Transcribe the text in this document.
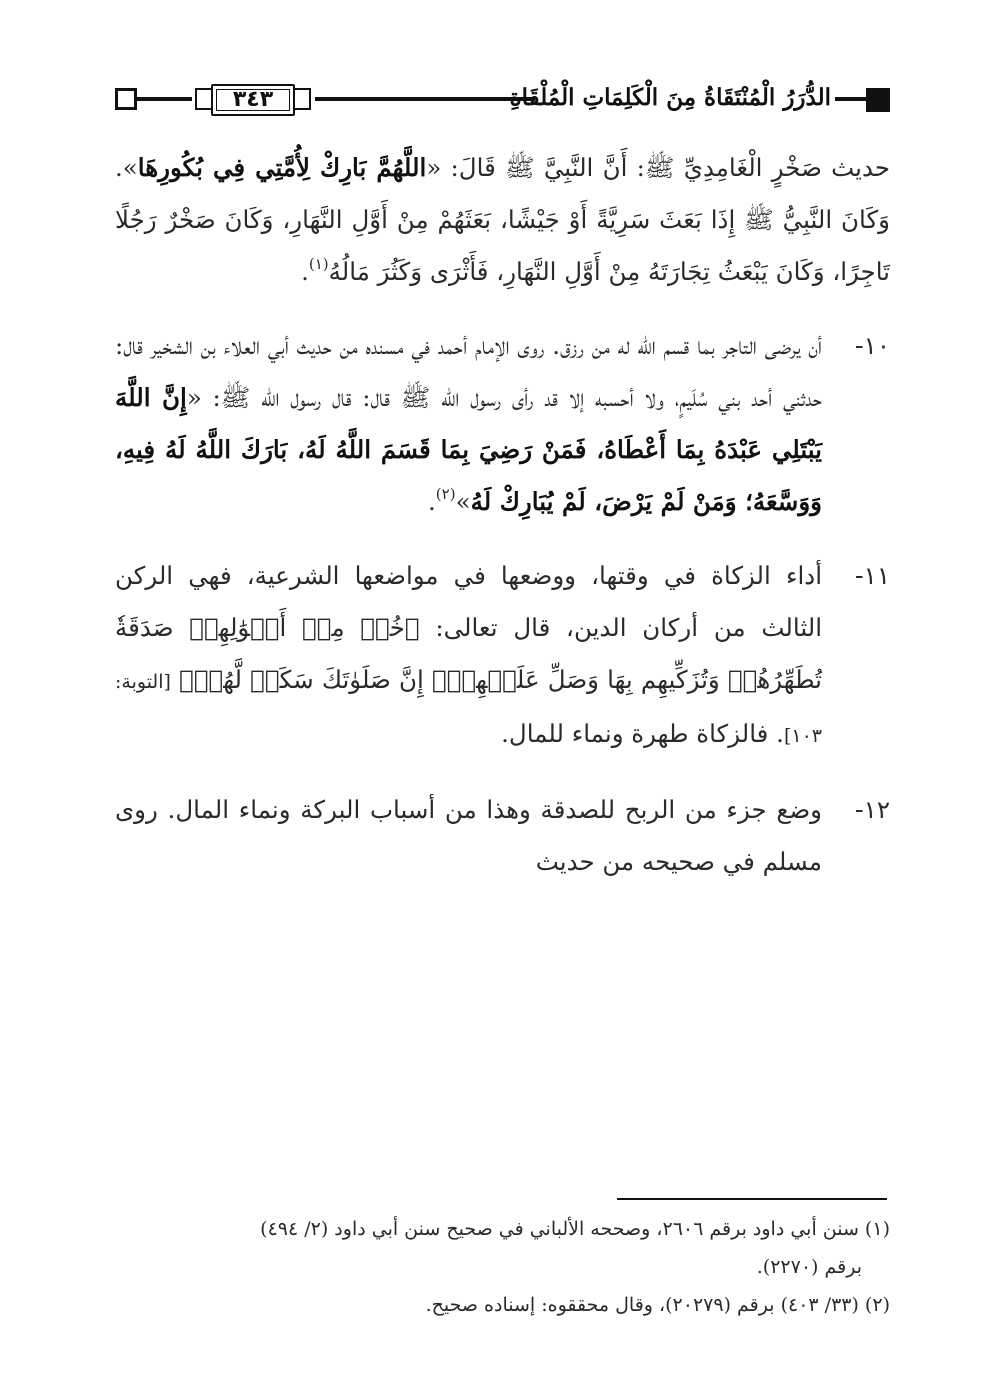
٣٤٣	الدُّرَرُ الْمُنْتَقَاةُ مِنَ الْكَلِمَاتِ الْمُلْقَاةِ

حديث صَخْرٍ الْغَامِدِيِّ ﷺ: أَنَّ النَّبِيَّ ﷺ قَالَ: «اللَّهُمَّ بَارِكْ لِأُمَّتِي فِي بُكُورِهَا». وَكَانَ النَّبِيُّ ﷺ إِذَا بَعَثَ سَرِيَّةً أَوْ جَيْشًا، بَعَثَهُمْ مِنْ أَوَّلِ النَّهَارِ، وَكَانَ صَخْرٌ رَجُلًا تَاجِرًا، وَكَانَ يَبْعَثُ تِجَارَتَهُ مِنْ أَوَّلِ النَّهَارِ، فَأَثْرَى وَكَثُرَ مَالُهُ$^{(١)}$.

١٠-

أن يرضى التاجر بما قسم الله له من رزق. روى الإمام أحمد في مسنده من حديث أبي العلاء بن الشخير قال: حدثني أحد بني سُلَيمٍ، ولا أحسبه إلا قد رأى رسول الله ﷺ قال: قال رسول الله ﷺ: «إِنَّ اللَّهَ يَبْتَلِي عَبْدَهُ بِمَا أَعْطَاهُ، فَمَنْ رَضِيَ بِمَا قَسَمَ اللَّهُ لَهُ، بَارَكَ اللَّهُ لَهُ فِيهِ، وَوَسَّعَهُ؛ وَمَنْ لَمْ يَرْضَ، لَمْ يُبَارِكْ لَهُ»$^{(٢)}$.

١١-

أداء الزكاة في وقتها، ووضعها في مواضعها الشرعية، فهي الركن الثالث من أركان الدين، قال تعالى: ﴿خُذۡ مِنۡ أَمۡوَٰلِهِمۡ صَدَقَةٗ تُطَهِّرُهُمۡ وَتُزَكِّيهِم بِهَا وَصَلِّ عَلَيۡهِمۡۖ إِنَّ صَلَوٰتَكَ سَكَنٞ لَّهُمۡ﴾ [التوبة: ١٠٣]. فالزكاة طهرة ونماء للمال.

١٢-

وضع جزء من الربح للصدقة وهذا من أسباب البركة ونماء المال. روى مسلم في صحيحه من حديث

(١) سنن أبي داود برقم ٢٦٠٦، وصححه الألباني في صحيح سنن أبي داود (٢/ ٤٩٤)

برقم (٢٢٧٠).

(٢) (٣٣/ ٤٠٣) برقم (٢٠٢٧٩)، وقال محققوه: إسناده صحيح.
